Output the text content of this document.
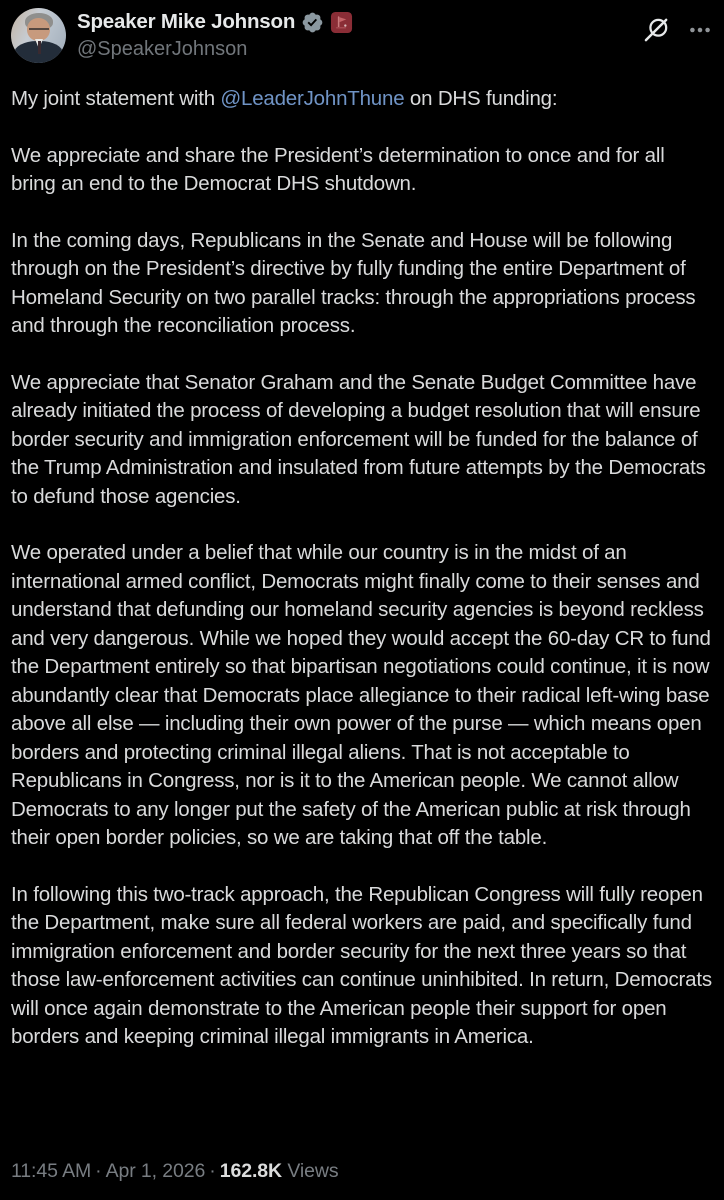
Speaker Mike Johnson
@SpeakerJohnson

My joint statement with @LeaderJohnThune on DHS funding:

We appreciate and share the President’s determination to once and for all bring an end to the Democrat DHS shutdown.

In the coming days, Republicans in the Senate and House will be following through on the President’s directive by fully funding the entire Department of Homeland Security on two parallel tracks: through the appropriations process and through the reconciliation process.

We appreciate that Senator Graham and the Senate Budget Committee have already initiated the process of developing a budget resolution that will ensure border security and immigration enforcement will be funded for the balance of the Trump Administration and insulated from future attempts by the Democrats to defund those agencies.

We operated under a belief that while our country is in the midst of an international armed conflict, Democrats might finally come to their senses and understand that defunding our homeland security agencies is beyond reckless and very dangerous. While we hoped they would accept the 60-day CR to fund the Department entirely so that bipartisan negotiations could continue, it is now abundantly clear that Democrats place allegiance to their radical left-wing base above all else — including their own power of the purse — which means open borders and protecting criminal illegal aliens. That is not acceptable to Republicans in Congress, nor is it to the American people. We cannot allow Democrats to any longer put the safety of the American public at risk through their open border policies, so we are taking that off the table.

In following this two-track approach, the Republican Congress will fully reopen the Department, make sure all federal workers are paid, and specifically fund immigration enforcement and border security for the next three years so that those law-enforcement activities can continue uninhibited. In return, Democrats will once again demonstrate to the American people their support for open borders and keeping criminal illegal immigrants in America.

11:45 AM · Apr 1, 2026 · 162.8K Views
